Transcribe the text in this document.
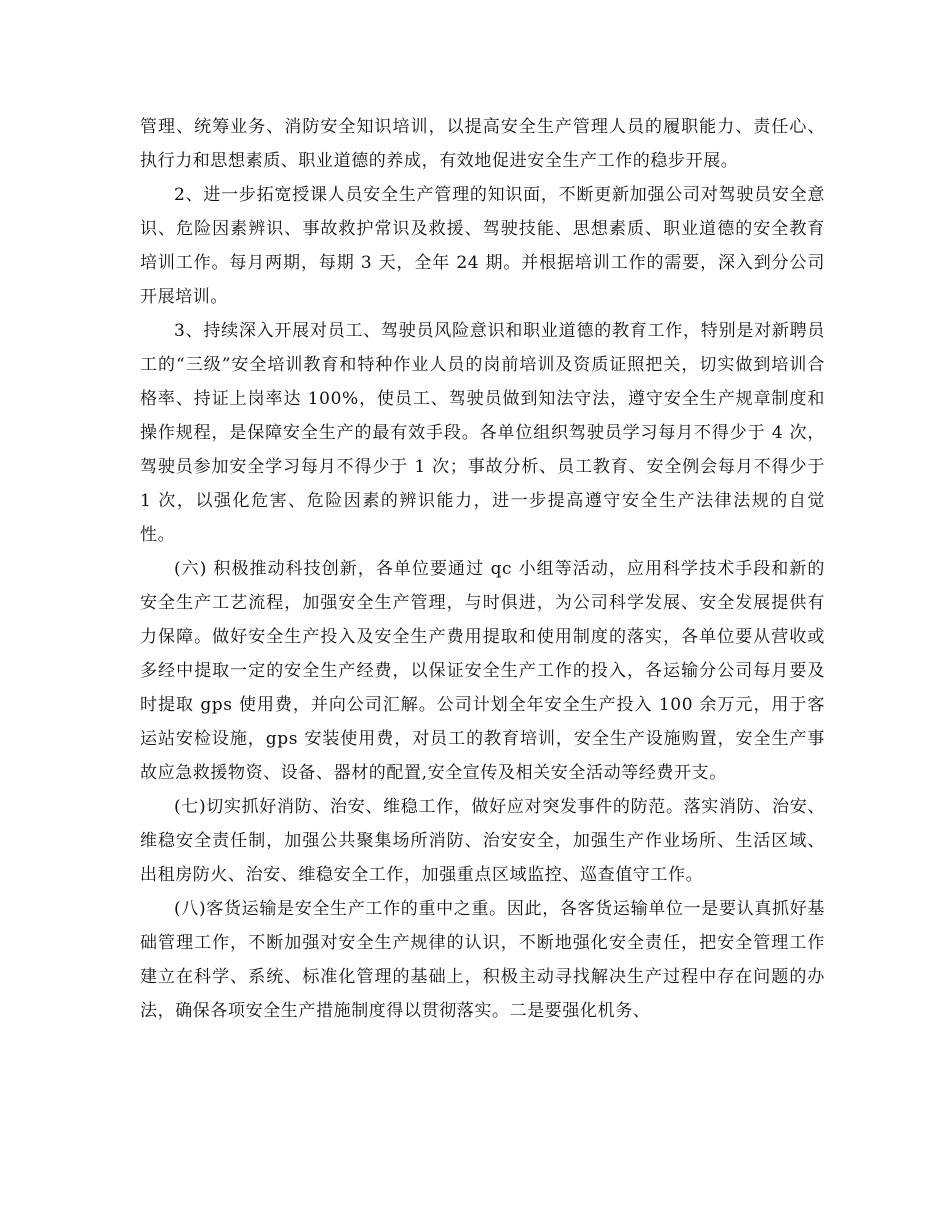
管理、统筹业务、消防安全知识培训，以提高安全生产管理人员的履职能力、责任心、执行力和思想素质、职业道德的养成，有效地促进安全生产工作的稳步开展。

2、进一步拓宽授课人员安全生产管理的知识面，不断更新加强公司对驾驶员安全意识、危险因素辨识、事故救护常识及救援、驾驶技能、思想素质、职业道德的安全教育培训工作。每月两期，每期 3 天，全年 24 期。并根据培训工作的需要，深入到分公司开展培训。

3、持续深入开展对员工、驾驶员风险意识和职业道德的教育工作，特别是对新聘员工的“三级”安全培训教育和特种作业人员的岗前培训及资质证照把关，切实做到培训合格率、持证上岗率达 100%，使员工、驾驶员做到知法守法，遵守安全生产规章制度和操作规程，是保障安全生产的最有效手段。各单位组织驾驶员学习每月不得少于 4 次，驾驶员参加安全学习每月不得少于 1 次；事故分析、员工教育、安全例会每月不得少于 1 次，以强化危害、危险因素的辨识能力，进一步提高遵守安全生产法律法规的自觉性。

(六) 积极推动科技创新，各单位要通过 qc 小组等活动，应用科学技术手段和新的安全生产工艺流程，加强安全生产管理，与时俱进，为公司科学发展、安全发展提供有力保障。做好安全生产投入及安全生产费用提取和使用制度的落实，各单位要从营收或多经中提取一定的安全生产经费，以保证安全生产工作的投入，各运输分公司每月要及时提取 gps 使用费，并向公司汇解。公司计划全年安全生产投入 100 余万元，用于客运站安检设施，gps 安装使用费，对员工的教育培训，安全生产设施购置，安全生产事故应急救援物资、设备、器材的配置,安全宣传及相关安全活动等经费开支。

(七)切实抓好消防、治安、维稳工作，做好应对突发事件的防范。落实消防、治安、维稳安全责任制，加强公共聚集场所消防、治安安全，加强生产作业场所、生活区域、出租房防火、治安、维稳安全工作，加强重点区域监控、巡查值守工作。

(八)客货运输是安全生产工作的重中之重。因此，各客货运输单位一是要认真抓好基础管理工作，不断加强对安全生产规律的认识，不断地强化安全责任，把安全管理工作建立在科学、系统、标准化管理的基础上，积极主动寻找解决生产过程中存在问题的办法，确保各项安全生产措施制度得以贯彻落实。二是要强化机务、
